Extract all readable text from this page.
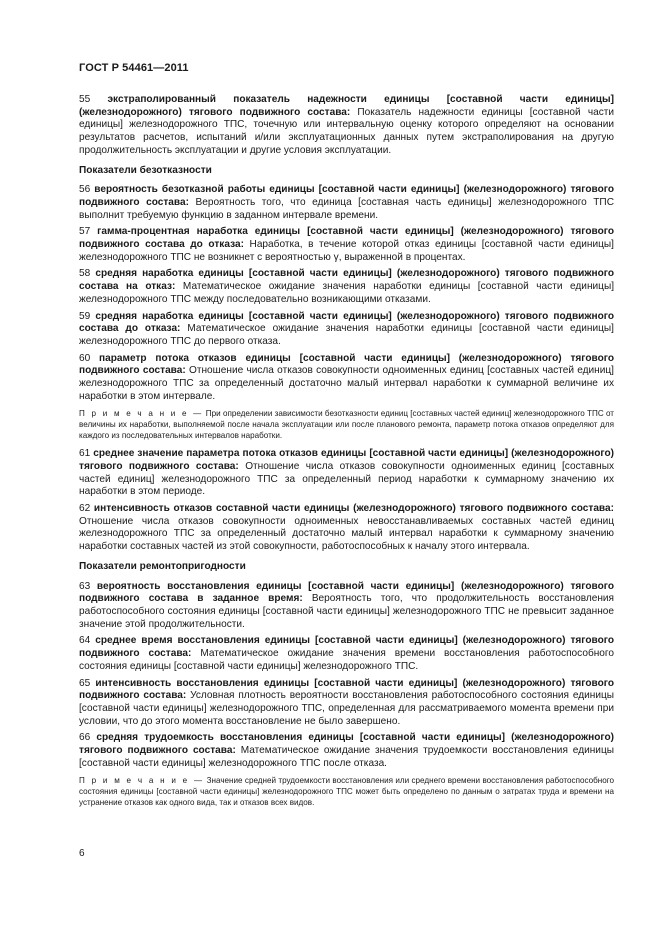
ГОСТ Р 54461—2011

55 экстраполированный показатель надежности единицы [составной части единицы] (железнодорожного) тягового подвижного состава: Показатель надежности единицы [составной части единицы] железнодорожного ТПС, точечную или интервальную оценку которого определяют на основании результатов расчетов, испытаний и/или эксплуатационных данных путем экстраполирования на другую продолжительность эксплуатации и другие условия эксплуатации.

Показатели безотказности

56 вероятность безотказной работы единицы [составной части единицы] (железнодорожного) тягового подвижного состава: Вероятность того, что единица [составная часть единицы] железнодорожного ТПС выполнит требуемую функцию в заданном интервале времени.

57 гамма-процентная наработка единицы [составной части единицы] (железнодорожного) тягового подвижного состава до отказа: Наработка, в течение которой отказ единицы [составной части единицы] железнодорожного ТПС не возникнет с вероятностью γ, выраженной в процентах.

58 средняя наработка единицы [составной части единицы] (железнодорожного) тягового подвижного состава на отказ: Математическое ожидание значения наработки единицы [составной части единицы] железнодорожного ТПС между последовательно возникающими отказами.

59 средняя наработка единицы [составной части единицы] (железнодорожного) тягового подвижного состава до отказа: Математическое ожидание значения наработки единицы [составной части единицы] железнодорожного ТПС до первого отказа.

60 параметр потока отказов единицы [составной части единицы] (железнодорожного) тягового подвижного состава: Отношение числа отказов совокупности одноименных единиц [составных частей единиц] железнодорожного ТПС за определенный достаточно малый интервал наработки к суммарной величине их наработки в этом интервале.

П р и м е ч а н и е — При определении зависимости безотказности единиц [составных частей единиц] железнодорожного ТПС от величины их наработки, выполняемой после начала эксплуатации или после планового ремонта, параметр потока отказов определяют для каждого из последовательных интервалов наработки.

61 среднее значение параметра потока отказов единицы [составной части единицы] (железнодорожного) тягового подвижного состава: Отношение числа отказов совокупности одноименных единиц [составных частей единиц] железнодорожного ТПС за определенный период наработки к суммарному значению их наработки в этом периоде.

62 интенсивность отказов составной части единицы (железнодорожного) тягового подвижного состава: Отношение числа отказов совокупности одноименных невосстанавливаемых составных частей единиц железнодорожного ТПС за определенный достаточно малый интервал наработки к суммарному значению наработки составных частей из этой совокупности, работоспособных к началу этого интервала.

Показатели ремонтопригодности

63 вероятность восстановления единицы [составной части единицы] (железнодорожного) тягового подвижного состава в заданное время: Вероятность того, что продолжительность восстановления работоспособного состояния единицы [составной части единицы] железнодорожного ТПС не превысит заданное значение этой продолжительности.

64 среднее время восстановления единицы [составной части единицы] (железнодорожного) тягового подвижного состава: Математическое ожидание значения времени восстановления работоспособного состояния единицы [составной части единицы] железнодорожного ТПС.

65 интенсивность восстановления единицы [составной части единицы] (железнодорожного) тягового подвижного состава: Условная плотность вероятности восстановления работоспособного состояния единицы [составной части единицы] железнодорожного ТПС, определенная для рассматриваемого момента времени при условии, что до этого момента восстановление не было завершено.

66 средняя трудоемкость восстановления единицы [составной части единицы] (железнодорожного) тягового подвижного состава: Математическое ожидание значения трудоемкости восстановления единицы [составной части единицы] железнодорожного ТПС после отказа.

П р и м е ч а н и е — Значение средней трудоемкости восстановления или среднего времени восстановления работоспособного состояния единицы [составной части единицы] железнодорожного ТПС может быть определено по данным о затратах труда и времени на устранение отказов как одного вида, так и отказов всех видов.

6
